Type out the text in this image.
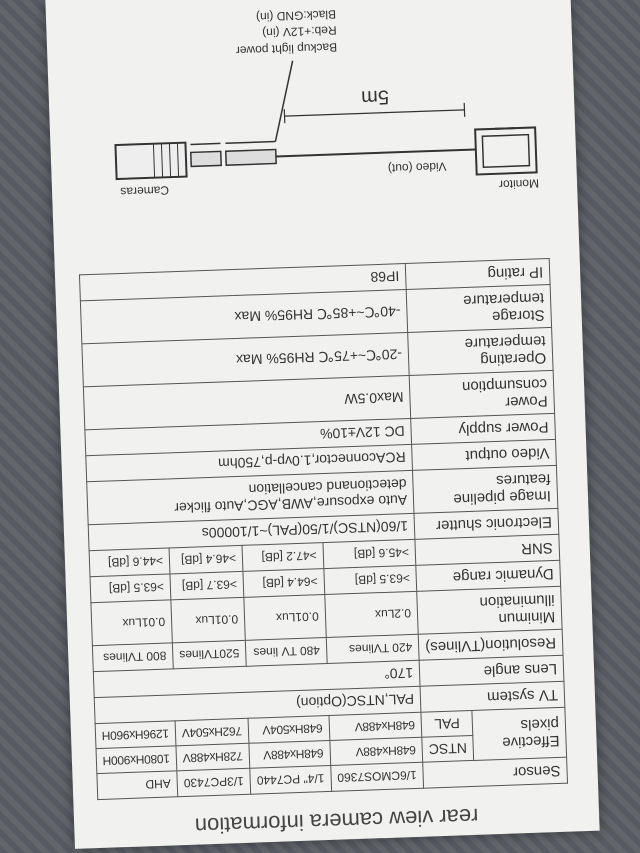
rear view camera information
Sensor		1/6CMOS7360	1/4" PC7440	1/3PC7430	AHD
Effective pixels	NTSC	648Hx488V	648Hx488V	728Hx488V	1080Hx900H
	PAL	648Hx488V	648Hx504V	762Hx504V	1296Hx960H
TV system		PAL,NTSC(Option)			
Lens angle		170°			
Resolution(TVlines)		420 TVlines	480 TV lines	520TVlines	800 TVlines
Minimun illumination		0.2Lux	0.01Lux	0.01Lux	0.01Lux
Dynamic range		>63.5 [dB]	>64.4 [dB]	>63.7 [dB]	>63.5 [dB]
SNR		>45.6 [dB]	>47.2 [dB]	>46.4 [dB]	>44.6 [dB]
Electronic shutter		1/60(NTSC)/1/50(PAL)~1/10000s			
Image pipeline features		Auto exposure,AWB,AGC,Auto flicker
detectionand cancellation			

Video output		RCAconnector,1.0vp-p,750hm			
Power supply		DC 12V±10%			
Power consumption		Max0.5W			
Operating temperature		-20℃~+75℃ RH95% Max			
Storage temperature		-40℃~+85℃ RH95% Max			
IP rating		IP68			
Monitor
Video (out)
5m
Cameras
Backup light power
Reb:+12V (in)
Black:GND (in)
